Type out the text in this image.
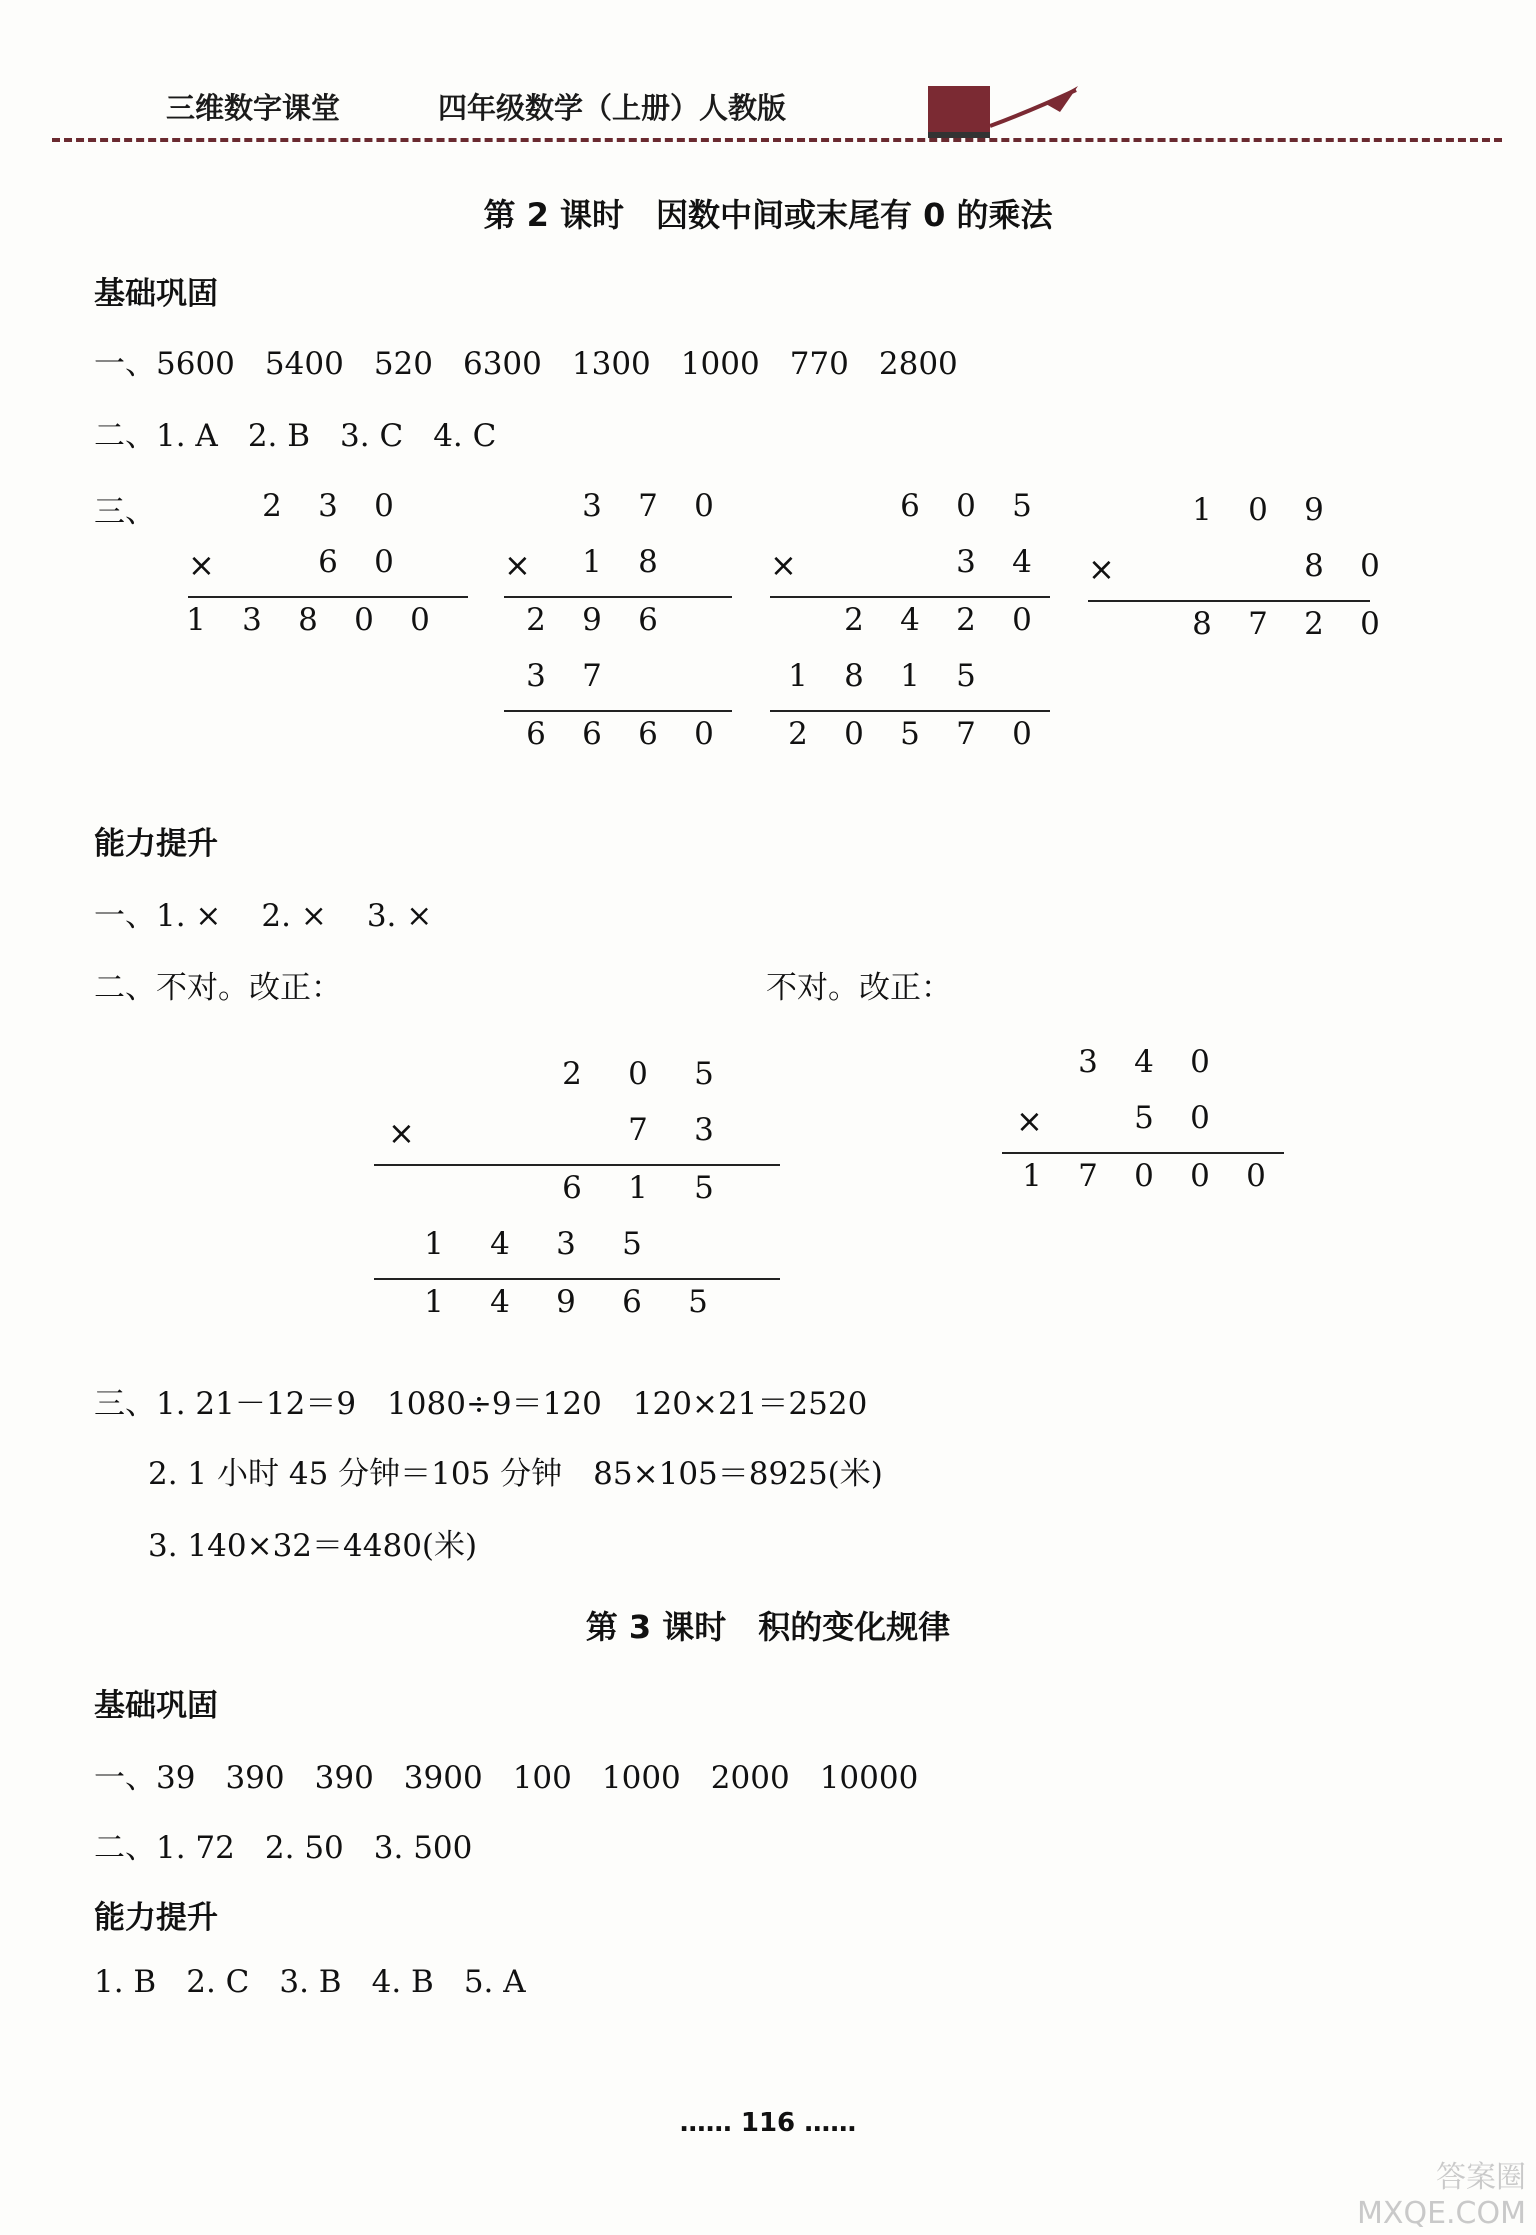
三维数字课堂	四年级数学（上册）人教版
第 2 课时　因数中间或末尾有 0 的乘法
基础巩固
一、5600 5400 520 6300 1300 1000 770 2800
二、1. A 2. B 3. C 4. C
三、
×
2	3	0
6	0
1	3	8	0	0
×
3	7	0
1	8
2	9	6
3	7
6	6	6	0
×
6	0	5
3	4
2	4	2	0
1	8	1	5
2	0	5	7	0
×
1	0	9
8	0
8	7	2	0
能力提升
一、1. × 2. × 3. ×
二、不对。改正：	不对。改正：
×
2	0	5
7	3
6	1	5
1	4	3	5
1	4	9	6	5
×
3	4	0
5	0
1	7	0	0	0
三、1. 21－12＝9　1080÷9＝120　120×21＝2520
2. 1 小时 45 分钟＝105 分钟　85×105＝8925(米)
3. 140×32＝4480(米)
第 3 课时　积的变化规律
基础巩固
一、39 390 390 3900 100 1000 2000 10000
二、1. 72 2. 50 3. 500
能力提升
1. B 2. C 3. B 4. B 5. A
…… 116 ……
答案圈
MXQE.COM
